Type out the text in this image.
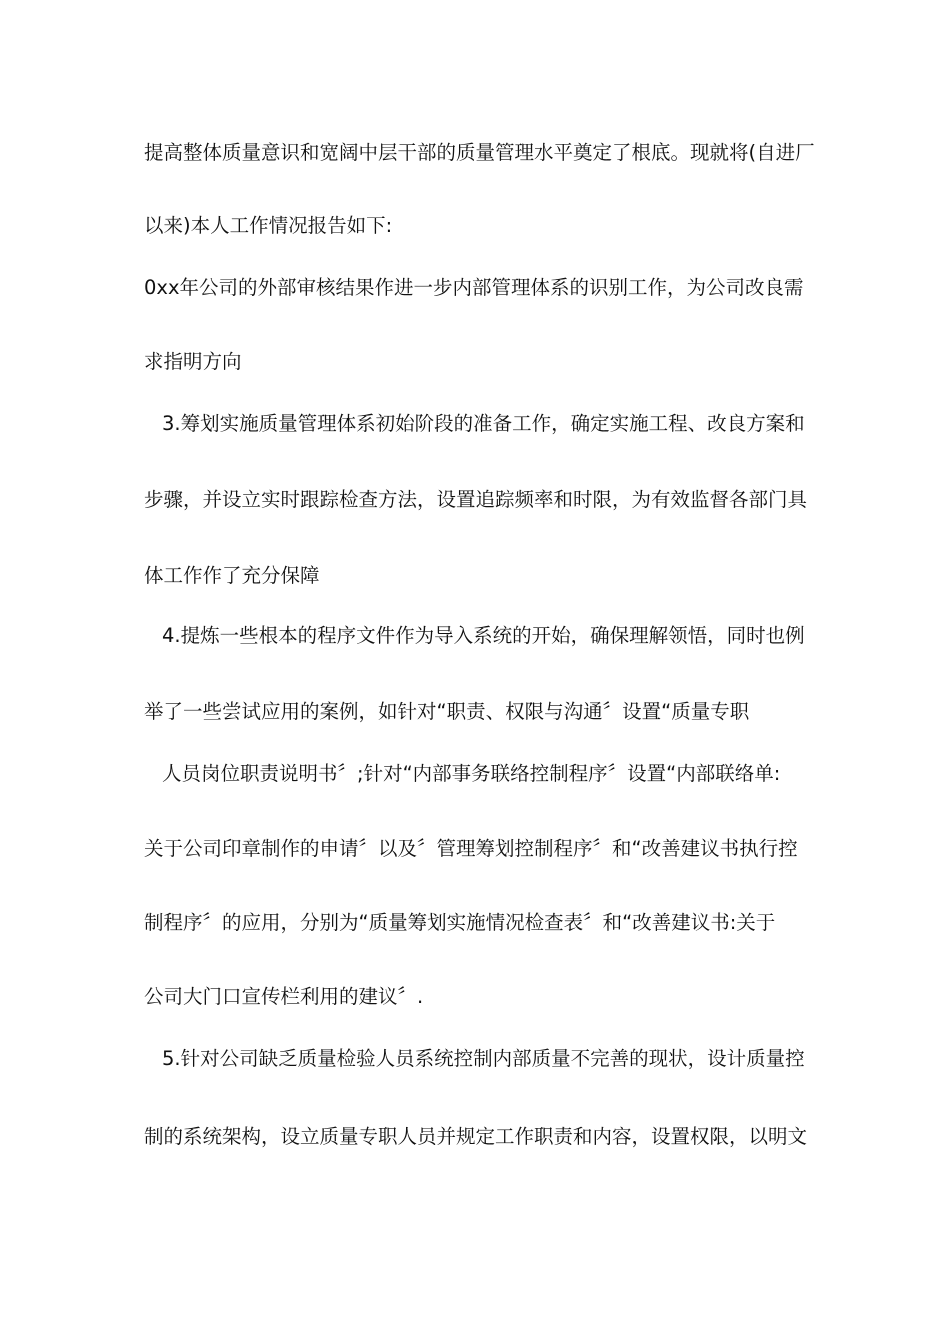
提高整体质量意识和宽阔中层干部的质量管理水平奠定了根底。现就将(自进厂
以来)本人工作情况报告如下:
0xx年公司的外部审核结果作进一步内部管理体系的识别工作，为公司改良需
求指明方向
3.筹划实施质量管理体系初始阶段的准备工作，确定实施工程、改良方案和
步骤，并设立实时跟踪检查方法，设置追踪频率和时限，为有效监督各部门具
体工作作了充分保障
4.提炼一些根本的程序文件作为导入系统的开始，确保理解领悟，同时也例
举了一些尝试应用的案例，如针对“职责、权限与沟通〞设置“质量专职
人员岗位职责说明书〞;针对“内部事务联络控制程序〞设置“内部联络单:
关于公司印章制作的申请〞以及〞管理筹划控制程序〞和“改善建议书执行控
制程序〞的应用，分别为“质量筹划实施情况检查表〞和“改善建议书:关于
公司大门口宣传栏利用的建议〞.
5.针对公司缺乏质量检验人员系统控制内部质量不完善的现状，设计质量控
制的系统架构，设立质量专职人员并规定工作职责和内容，设置权限，以明文
